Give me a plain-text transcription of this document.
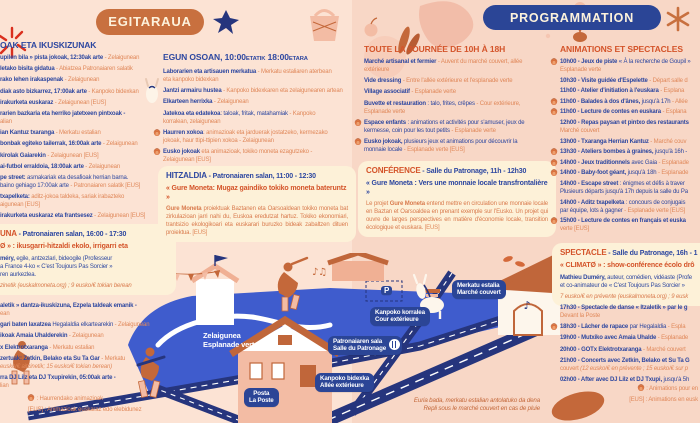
♪
♪♫
EGITARAUA	PROGRAMMATION
OAK ETA IKUSKIZUNAK
upilen bila » pista jokoak, 12:30ak arte - Zelaigunean
letako bisita gidatua - Abiatzea Patronaiaren salatik
rako lehen irakaspenak - Zelaigunean
diak asto bizkarrez, 17:00ak arte - Kanpoko bidexkan
irakurketa euskaraz - Zelaigunean [EUS]
rarien bazkaria eta herriko jatetxeen pintxoak -
alian
ian Kantuz txaranga - Merkatu estalian
bonbak egiteko tailerrak, 16:00ak arte - Zelaigunean
kirolak Gaiarekin - Zelaigunean [EUS]
ai-futbol erraldoia, 18:00ak arte - Zelaigunean
pe street: asmakariak eta desafioak herrian barna.
baino gehiago 17:00ak arte - Patronaiaren salatik [EUS]
txapelketa: aditz-jokoa taldeka, sariak irabazteko
aigunean [EUS]
irakurketa euskaraz eta frantsesez - Zelaigunean [EUS]
UNA - Patronaiaren salan, 16:00 - 17:30
Ø » : ikusgarri-hitzaldi ekolo, irrigarri eta
méry, egile, antzezlari, bideogile (Professeur
a France 4-ko « C'est Toujours Pas Sorcier »
ren aurkezlea.
zinetik (euskalmoneta.org) ; 9 eusko/€ tokian berean
aletik » dantza-ikuskizuna, Ezpela taldeak emanik -
ean
gari baten laxatzea Hegalaldia elkartearekin - Zelaigunean
ikoak Amaia Uhalderekin - Zelaigunean
x Elektrotxaranga - Merkatu estalian
zertuak: Zetkin, Belako eta Su Ta Gar - Merkatu
eusko/€ aitzinetik; 15 eusko/€ tokian berean)
rra DJ Lilz eta DJ Txupirekin, 05:00ak arte -
lian
: Haurrendako animazioak
[EUS] : Animazioak euskaraz edo elebidunez
EGUN OSOAN, 10:00ETATIK 18:00ETARA
Laborarien eta artisauen merkatua - Merkatu estaliaren aterbean
eta kanpoko bidexkan
Jantzi armairu hustea - Kanpoko bidexkaren eta zelaigunearen artean
Elkarteen herrixka - Zelaigunean
Jatekoa eta edatekoa: taloak, fritak, matahamiak - Kanpoko
korralean, zelaigunean
Haurren xokoa: animazioak eta jarduerak jostatzeko, kermezako
jokoak, haur ttipi-ttipien xokoa - Zelaigunean
Eusko jokoak eta animazioak, tokiko moneta ezagutzeko -
Zelaigunean [EUS]
HITZALDIA - Patronaiaren salan, 11:00 - 12:30
« Gure Moneta: Mugaz gaindiko tokiko moneta bateruntz »
Gure Moneta proiektuak Baztanen eta Oarsoaldean tokiko moneta bat zirkulazioan jarri nahi du, Euskoa eredutzat hartuz. Tokiko ekonomiari, trantsizio ekologikoari eta euskarari buruzko bideak zabaltzen dituen proiektua. [EUS]
TOUTE LA JOURNÉE DE 10H À 18H
Marché artisanal et fermier - Auvent du marché couvert, allée
extérieure
Vide dressing - Entre l'allée extérieure et l'esplanade verte
Village associatif - Esplanade verte
Buvette et restauration : talo, frites, crêpes - Cour extérieure,
Esplanade verte
Espace enfants : animations et activités pour s'amuser, jeux de
kermesse, coin pour les tout petits - Esplanade verte
Eusko jokoak, plusieurs jeux et animations pour découvrir la
monnaie locale - Esplanade verte [EUS]
CONFÉRENCE - Salle du Patronage, 11h - 12h30
« Gure Moneta : Vers une monnaie locale transfrontalière »
Le projet Gure Moneta entend mettre en circulation une monnaie locale en Baztan et Oarsoaldea en prenant exemple sur l'Eusko. Un projet qui ouvre de larges perspectives en matière d'économie locale, transition écologique et euskara. [EUS]
ANIMATIONS ET SPECTACLES
10h00 - Jeux de piste « À la recherche de Goupil »
Esplanade verte
10h30 - Visite guidée d'Espelette - Départ salle d
11h00 - Atelier d'initiation à l'euskara - Esplana
11h00 - Balades à dos d'ânes, jusqu'à 17h - Allée
11h00 - Lecture de contes en euskara - Esplana
12h00 - Repas paysan et pintxo des restaurants
Marché couvert
13h00 - Txaranga Herrian Kantuz - Marché couv
13h30 - Ateliers bombes à graines, jusqu'à 16h -
14h00 - Jeux traditionnels avec Gaia - Esplanade
14h00 - Baby-foot géant, jusqu'à 18h - Esplanade
14h00 - Escape street : énigmes et défis à traver
Plusieurs départs jusqu'à 17h depuis la salle du Pa
14h00 - Aditz txapelketa : concours de conjugais
par équipe, lots à gagner - Esplanade verte [EUS]
15h00 - Lecture de contes en français et euska
verte [EUS]
SPECTACLE - Salle du Patronage, 16h - 1
« CLIMATØ » : show-conférence écolo drô
Mathieu Duméry, auteur, comédien, vidéaste (Profe
et co-animateur de « C'est Toujours Pas Sorcier »
7 eusko/€ en prévente (euskalmoneta.org) ; 9 eusk
17h30 - Spectacle de danse « Itzaletik » par le g
Devant la Poste
18h30 - Lâcher de rapace par Hegalaldia - Espla
19h00 - Mutxiko avec Amaia Uhalde - Esplanade
20h00 - GOTx Elektrotxaranga - Marché couvert
21h00 - Concerts avec Zetkin, Belako et Su Ta G
couvert (12 eusko/€ en prévente ; 15 eusko/€ sur p
02h00 - After avec DJ Lilz et DJ Txupi, jusqu'à 5h
: Animations pour en
[EUS] : Animations en eusk
Zelaigunea
Esplanade verte
Merkatu estalia
Marché couvert
Kanpoko korralea
Cour extérieure
Patronaiaren sala
Salle du Patronage
Kanpoko bidexka
Allée extérieure
Posta
La Poste
P
Euria bada, merkatu estalian antolatuko da dena
Repli sous le marché couvert en cas de pluie
